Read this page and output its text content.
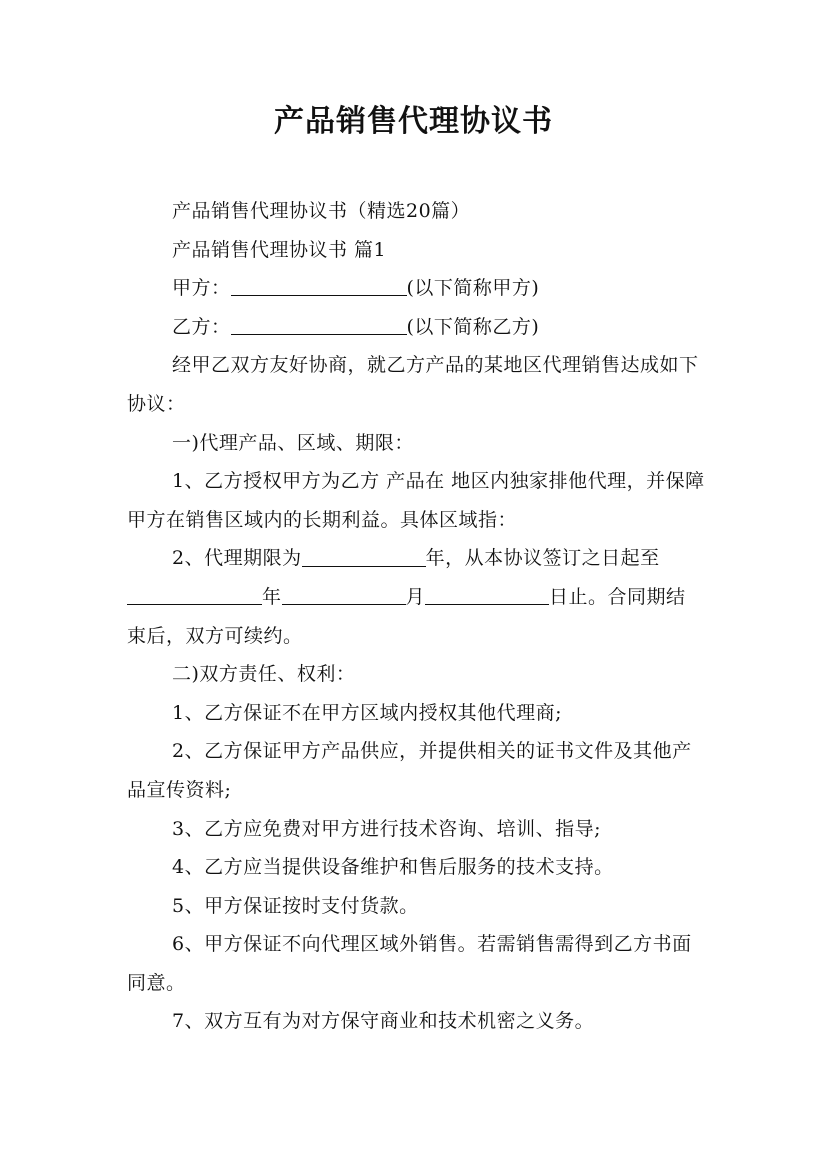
产品销售代理协议书

产品销售代理协议书（精选20篇）

产品销售代理协议书 篇1

甲方：	(以下简称甲方)

乙方：	(以下简称乙方)

经甲乙双方友好协商，就乙方产品的某地区代理销售达成如下协议：

一)代理产品、区域、期限：

1、乙方授权甲方为乙方 产品在 地区内独家排他代理，并保障甲方在销售区域内的长期利益。具体区域指：

2、代理期限为	年，从本协议签订之日起至年	月	日止。合同期结束后，双方可续约。

二)双方责任、权利：

1、乙方保证不在甲方区域内授权其他代理商;

2、乙方保证甲方产品供应，并提供相关的证书文件及其他产品宣传资料;

3、乙方应免费对甲方进行技术咨询、培训、指导;

4、乙方应当提供设备维护和售后服务的技术支持。

5、甲方保证按时支付货款。

6、甲方保证不向代理区域外销售。若需销售需得到乙方书面同意。

7、双方互有为对方保守商业和技术机密之义务。
